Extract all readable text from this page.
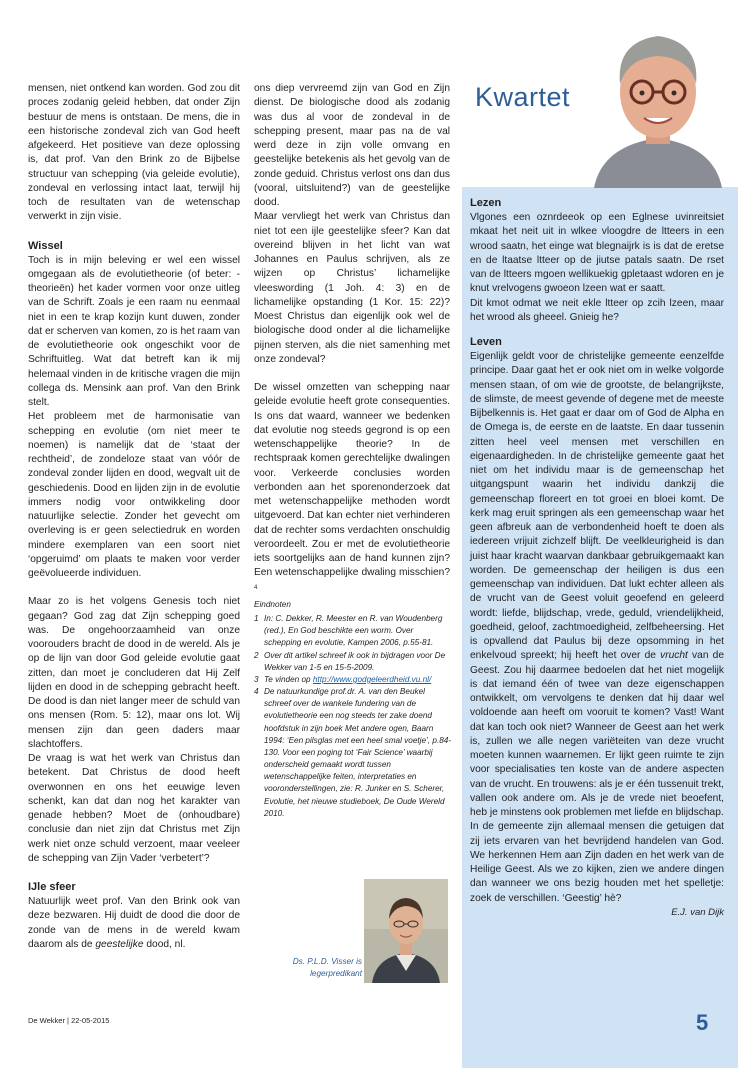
mensen, niet ontkend kan worden. God zou dit proces zodanig geleid hebben, dat onder Zijn bestuur de mens is ontstaan. De mens, die in een historische zondeval zich van God heeft afgekeerd. Het positieve van deze oplossing is, dat prof. Van den Brink zo de Bijbelse structuur van schepping (via geleide evolutie), zondeval en verlossing intact laat, terwijl hij toch de resultaten van de wetenschap verwerkt in zijn visie.

Wissel

Toch is in mijn beleving er wel een wissel omgegaan als de evolutietheorie (of beter: -theorieën) het kader vormen voor onze uitleg van de Schrift. Zoals je een raam nu eenmaal niet in een te krap kozijn kunt duwen, zonder dat er scherven van komen, zo is het raam van de evolutietheorie ook ongeschikt voor de Schriftuitleg. Wat dat betreft kan ik mij helemaal vinden in de kritische vragen die mijn collega ds. Mensink aan prof. Van den Brink stelt.

Het probleem met de harmonisatie van schepping en evolutie (om niet meer te noemen) is namelijk dat de ‘staat der rechtheid’, de zondeloze staat van vóór de zondeval zonder lijden en dood, wegvalt uit de geschiedenis. Dood en lijden zijn in de evolutie immers nodig voor ontwikkeling door natuurlijke selectie. Zonder het gevecht om overleving is er geen selectiedruk en worden mindere exemplaren van een soort niet ‘opgeruimd’ om plaats te maken voor verder geëvolueerde individuen.

Maar zo is het volgens Genesis toch niet gegaan? God zag dat Zijn schepping goed was. De ongehoorzaamheid van onze voorouders bracht de dood in de wereld. Als je op de lijn van door God geleide evolutie gaat zitten, dan moet je concluderen dat Hij Zelf lijden en dood in de schepping gebracht heeft. De dood is dan niet langer meer de schuld van ons mensen (Rom. 5: 12), maar ons lot. Wij mensen zijn dan geen daders maar slachtoffers.

De vraag is wat het werk van Christus dan betekent. Dat Christus de dood heeft overwonnen en ons het eeuwige leven schenkt, kan dat dan nog het karakter van genade hebben? Moet de (onhoudbare) conclusie dan niet zijn dat Christus met Zijn werk niet onze schuld verzoent, maar veeleer de schepping van Zijn Vader ‘verbetert’?

IJle sfeer

Natuurlijk weet prof. Van den Brink ook van deze bezwaren. Hij duidt de dood die door de zonde van de mens in de wereld kwam daarom als de geestelijke dood, nl.

ons diep vervreemd zijn van God en Zijn dienst. De biologische dood als zodanig was dus al voor de zondeval in de schepping present, maar pas na de val werd deze in zijn volle omvang en geestelijke betekenis als het gevolg van de zonde geduid. Christus verlost ons dan dus (vooral, uitsluitend?) van de geestelijke dood.

Maar vervliegt het werk van Christus dan niet tot een ijle geestelijke sfeer? Kan dat overeind blijven in het licht van wat Johannes en Paulus schrijven, als ze wijzen op Christus’ lichamelijke vleeswording (1 Joh. 4: 3) en de lichamelijke opstanding (1 Kor. 15: 22)? Moest Christus dan eigenlijk ook wel de biologische dood onder al die lichamelijke pijnen sterven, als die niet samenhing met onze zondeval?

De wissel omzetten van schepping naar geleide evolutie heeft grote consequenties. Is ons dat waard, wanneer we bedenken dat evolutie nog steeds gegrond is op een wetenschappelijke theorie? In de rechtspraak komen gerechtelijke dwalingen voor. Verkeerde conclusies worden verbonden aan het sporenonderzoek dat met wetenschappelijke methoden wordt uitgevoerd. Dat kan echter niet verhinderen dat de rechter soms verdachten onschuldig veroordeelt. Zou er met de evolutietheorie iets soortgelijks aan de hand kunnen zijn? Een wetenschappelijke dwaling misschien?$^4$

Eindnoten
1 In: C. Dekker, R. Meester en R. van Woudenberg (red.), En God beschikte een worm. Over schepping en evolutie, Kampen 2006, p.55-81.
2 Over dit artikel schreef ik ook in bijdragen voor De Wekker van 1-5 en 15-5-2009.
3 Te vinden op http://www.godgeleerdheid.vu.nl/
4 De natuurkundige prof.dr. A. van den Beukel schreef over de wankele fundering van de evolutietheorie een nog steeds ter zake doend hoofdstuk in zijn boek Met andere ogen, Baarn 1994: ‘Een pilsglas met een heel smal voetje’, p.84-130. Voor een poging tot ‘Fair Science’ waarbij onderscheid gemaakt wordt tussen wetenschappelijke feiten, interpretaties en vooronderstellingen, zie: R. Junker en S. Scherer, Evolutie, het nieuwe studieboek, De Oude Wereld 2010.
Ds. P.L.D. Visser is
legerpredikant
Kwartet
Lezen

Vlgones een oznrdeeok op een Eglnese uvinreitsiet mkaat het neit uit in wlkee vloogdre de ltteers in een wrood saatn, het einge wat blegnaijrk is is dat de eretse en de ltaatse ltteer op de jiutse patals saatn. De rset van de ltteers mgoen wellikuekig gpletaast wdoren en je knut vrelvogens gwoeon lzeen wat er saatt.

Dit kmot odmat we neit ekle ltteer op zcih lzeen, maar het wrood als gheeel. Gnieig he?

Leven

Eigenlijk geldt voor de christelijke gemeente eenzelfde principe. Daar gaat het er ook niet om in welke volgorde mensen staan, of om wie de grootste, de belangrijkste, de slimste, de meest gevende of degene met de meeste Bijbelkennis is. Het gaat er daar om of God de Alpha en de Omega is, de eerste en de laatste. En daar tussenin zitten heel veel mensen met verschillen en eigenaardigheden. In de christelijke gemeente gaat het niet om het individu maar is de gemeenschap het uitgangspunt waarin het individu dankzij die gemeenschap floreert en tot groei en bloei komt. De kerk mag eruit springen als een gemeenschap waar het geen afbreuk aan de verbondenheid hoeft te doen als iedereen vrijuit zichzelf blijft. De veelkleurigheid is dan juist haar kracht waarvan dankbaar gebruikgemaakt kan worden. De gemeenschap der heiligen is dus een gemeenschap van individuen. Dat lukt echter alleen als de vrucht van de Geest voluit geoefend en geleerd wordt: liefde, blijdschap, vrede, geduld, vriendelijkheid, goedheid, geloof, zachtmoedigheid, zelfbeheersing. Het is opvallend dat Paulus bij deze opsomming in het enkelvoud spreekt; hij heeft het over de vrucht van de Geest. Zou hij daarmee bedoelen dat het niet mogelijk is dat iemand één of twee van deze eigenschappen ontwikkelt, om vervolgens te denken dat hij daar wel voldoende aan heeft om vooruit te komen? Vast! Want dat kan toch ook niet? Wanneer de Geest aan het werk is, zullen we alle negen variëteiten van deze vrucht moeten kunnen waarnemen. Er lijkt geen ruimte te zijn voor specialisaties ten koste van de andere aspecten van de vrucht. En trouwens: als je er één tussenuit trekt, vallen ook andere om. Als je de vrede niet beoefent, heb je minstens ook problemen met liefde en blijdschap.

In de gemeente zijn allemaal mensen die getuigen dat zij iets ervaren van het bevrijdend handelen van God. We herkennen Hem aan Zijn daden en het werk van de Heilige Geest. Als we zo kijken, zien we andere dingen dan wanneer we ons bezig houden met het spelletje: zoek de verschillen. ‘Geestig’ hè?

E.J. van Dijk

De Wekker | 22-05-2015	5
